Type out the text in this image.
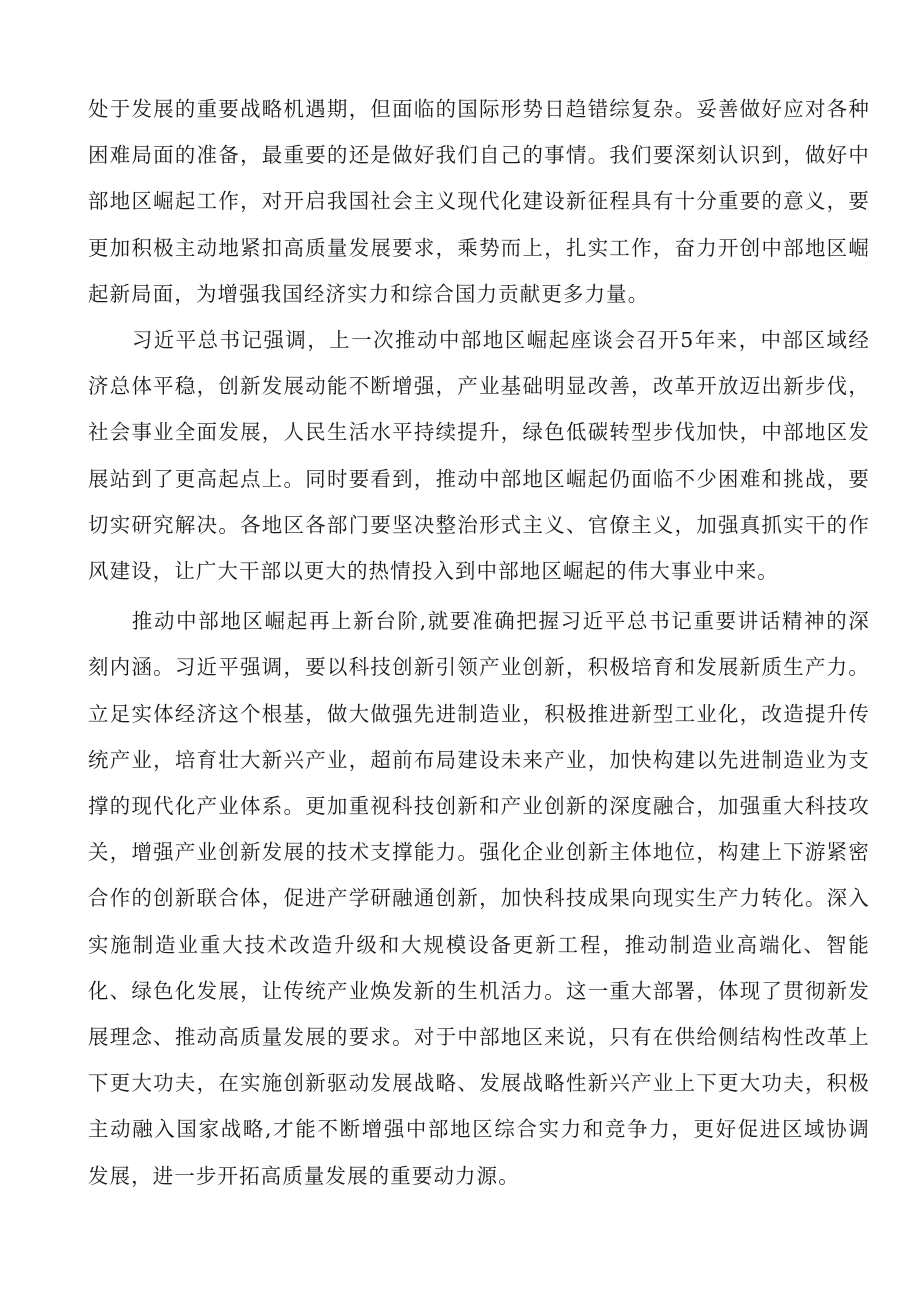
处于发展的重要战略机遇期，但面临的国际形势日趋错综复杂。妥善做好应对各种困难局面的准备，最重要的还是做好我们自己的事情。我们要深刻认识到，做好中部地区崛起工作，对开启我国社会主义现代化建设新征程具有十分重要的意义，要更加积极主动地紧扣高质量发展要求，乘势而上，扎实工作，奋力开创中部地区崛起新局面，为增强我国经济实力和综合国力贡献更多力量。

习近平总书记强调，上一次推动中部地区崛起座谈会召开5年来，中部区域经济总体平稳，创新发展动能不断增强，产业基础明显改善，改革开放迈出新步伐，社会事业全面发展，人民生活水平持续提升，绿色低碳转型步伐加快，中部地区发展站到了更高起点上。同时要看到，推动中部地区崛起仍面临不少困难和挑战，要切实研究解决。各地区各部门要坚决整治形式主义、官僚主义，加强真抓实干的作风建设，让广大干部以更大的热情投入到中部地区崛起的伟大事业中来。

推动中部地区崛起再上新台阶,就要准确把握习近平总书记重要讲话精神的深刻内涵。习近平强调，要以科技创新引领产业创新，积极培育和发展新质生产力。立足实体经济这个根基，做大做强先进制造业，积极推进新型工业化，改造提升传统产业，培育壮大新兴产业，超前布局建设未来产业，加快构建以先进制造业为支撑的现代化产业体系。更加重视科技创新和产业创新的深度融合，加强重大科技攻关，增强产业创新发展的技术支撑能力。强化企业创新主体地位，构建上下游紧密合作的创新联合体，促进产学研融通创新，加快科技成果向现实生产力转化。深入实施制造业重大技术改造升级和大规模设备更新工程，推动制造业高端化、智能化、绿色化发展，让传统产业焕发新的生机活力。这一重大部署，体现了贯彻新发展理念、推动高质量发展的要求。对于中部地区来说，只有在供给侧结构性改革上下更大功夫，在实施创新驱动发展战略、发展战略性新兴产业上下更大功夫，积极主动融入国家战略,才能不断增强中部地区综合实力和竞争力，更好促进区域协调发展，进一步开拓高质量发展的重要动力源。
